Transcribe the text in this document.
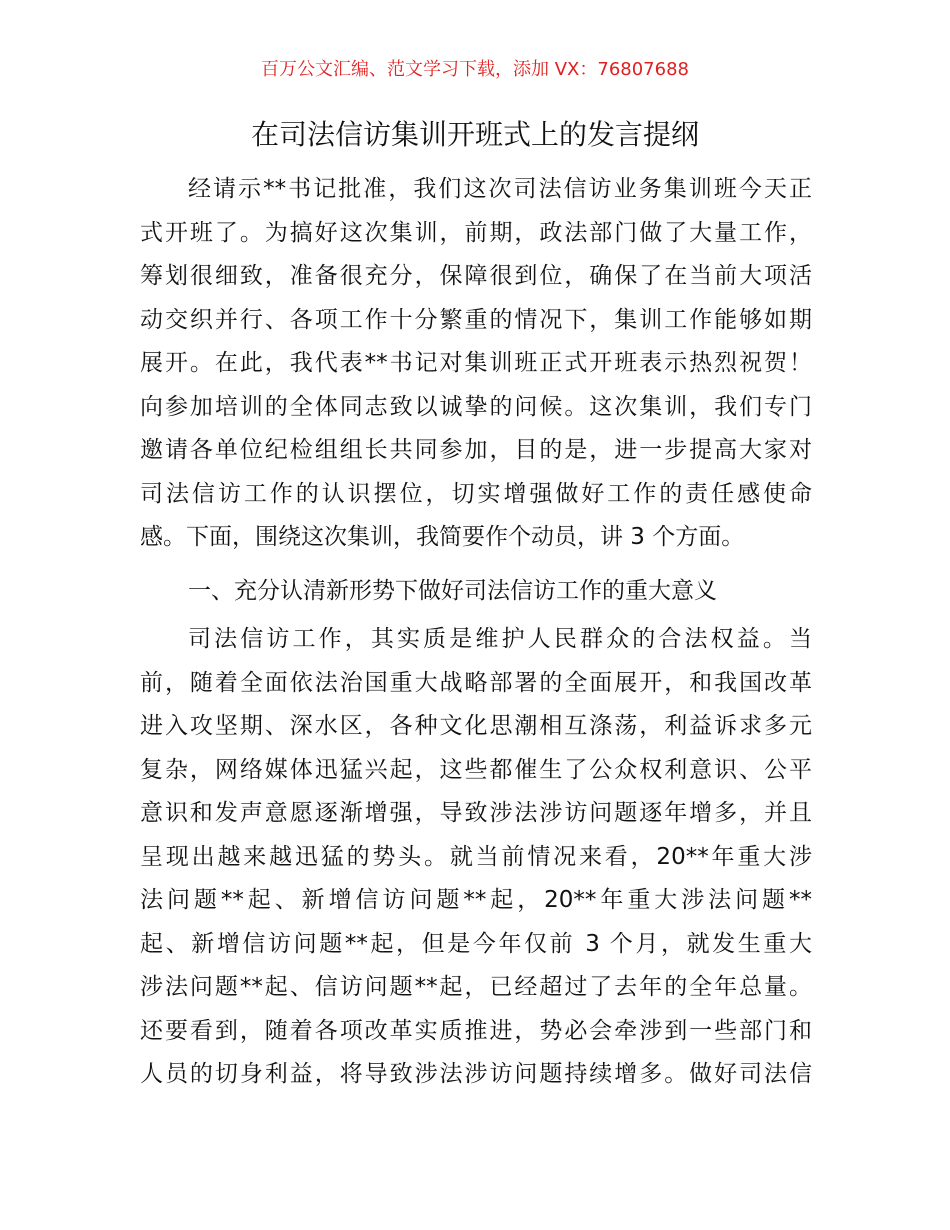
百万公文汇编、范文学习下载，添加 VX：76807688
在司法信访集训开班式上的发言提纲
经请示**书记批准，我们这次司法信访业务集训班今天正
式开班了。为搞好这次集训，前期，政法部门做了大量工作，
筹划很细致，准备很充分，保障很到位，确保了在当前大项活
动交织并行、各项工作十分繁重的情况下，集训工作能够如期
展开。在此，我代表**书记对集训班正式开班表示热烈祝贺！
向参加培训的全体同志致以诚挚的问候。这次集训，我们专门
邀请各单位纪检组组长共同参加，目的是，进一步提高大家对
司法信访工作的认识摆位，切实增强做好工作的责任感使命
感。下面，围绕这次集训，我简要作个动员，讲 3 个方面。
一、充分认清新形势下做好司法信访工作的重大意义
司法信访工作，其实质是维护人民群众的合法权益。当
前，随着全面依法治国重大战略部署的全面展开，和我国改革
进入攻坚期、深水区，各种文化思潮相互涤荡，利益诉求多元
复杂，网络媒体迅猛兴起，这些都催生了公众权利意识、公平
意识和发声意愿逐渐增强，导致涉法涉访问题逐年增多，并且
呈现出越来越迅猛的势头。就当前情况来看，20**年重大涉
法问题**起、新增信访问题**起，20**年重大涉法问题**
起、新增信访问题**起，但是今年仅前 3 个月，就发生重大
涉法问题**起、信访问题**起，已经超过了去年的全年总量。
还要看到，随着各项改革实质推进，势必会牵涉到一些部门和
人员的切身利益，将导致涉法涉访问题持续增多。做好司法信
